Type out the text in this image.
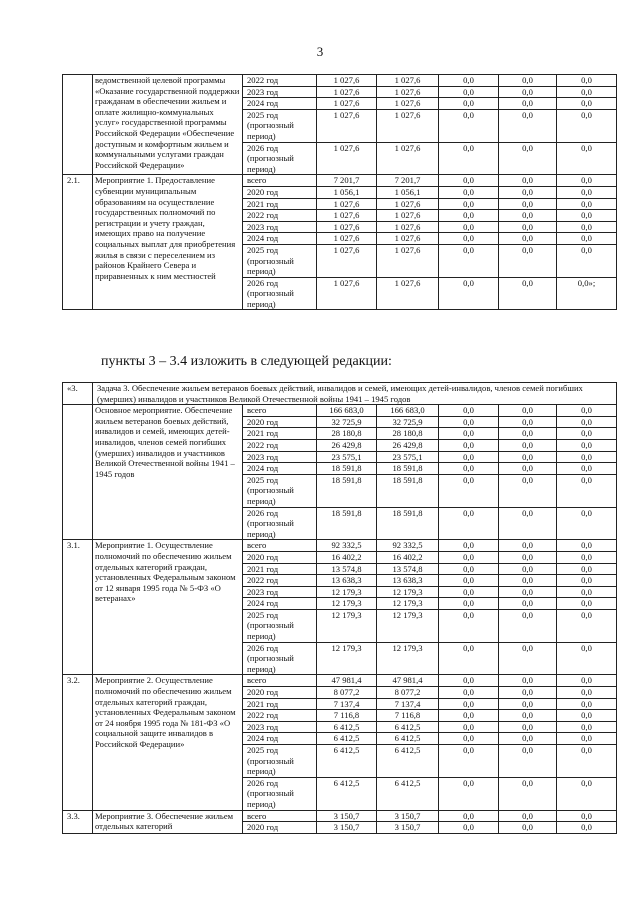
3
	ведомственной целевой программы «Оказание государственной поддержки гражданам в обеспечении жильем и оплате жилищно-коммунальных услуг» государственной программы Российской Федерации «Обеспечение доступным и комфортным жильем и коммунальными услугами граждан Российской Федерации»	2022 год	1 027,6	1 027,6	0,0	0,0	0,0
		2023 год	1 027,6	1 027,6	0,0	0,0	0,0
		2024 год	1 027,6	1 027,6	0,0	0,0	0,0
		2025 год (прогнозный период)	1 027,6	1 027,6	0,0	0,0	0,0
		2026 год (прогнозный период)	1 027,6	1 027,6	0,0	0,0	0,0
2.1.	Мероприятие 1. Предоставление субвенции муниципальным образованиям на осуществление государственных полномочий по регистрации и учету граждан, имеющих право на получение социальных выплат для приобретения жилья в связи с переселением из районов Крайнего Севера и приравненных к ним местностей	всего	7 201,7	7 201,7	0,0	0,0	0,0
		2020 год	1 056,1	1 056,1	0,0	0,0	0,0
		2021 год	1 027,6	1 027,6	0,0	0,0	0,0
		2022 год	1 027,6	1 027,6	0,0	0,0	0,0
		2023 год	1 027,6	1 027,6	0,0	0,0	0,0
		2024 год	1 027,6	1 027,6	0,0	0,0	0,0
		2025 год (прогнозный период)	1 027,6	1 027,6	0,0	0,0	0,0
		2026 год (прогнозный период)	1 027,6	1 027,6	0,0	0,0	0,0»;
пункты 3 – 3.4 изложить в следующей редакции:
«3.	Задача 3. Обеспечение жильем ветеранов боевых действий, инвалидов и семей, имеющих детей-инвалидов, членов семей погибших (умерших) инвалидов и участников Великой Отечественной войны 1941 – 1945 годов						
	Основное мероприятие. Обеспечение жильем ветеранов боевых действий, инвалидов и семей, имеющих детей-инвалидов, членов семей погибших (умерших) инвалидов и участников Великой Отечественной войны 1941 – 1945 годов	всего	166 683,0	166 683,0	0,0	0,0	0,0
		2020 год	32 725,9	32 725,9	0,0	0,0	0,0
		2021 год	28 180,8	28 180,8	0,0	0,0	0,0
		2022 год	26 429,8	26 429,8	0,0	0,0	0,0
		2023 год	23 575,1	23 575,1	0,0	0,0	0,0
		2024 год	18 591,8	18 591,8	0,0	0,0	0,0
		2025 год (прогнозный период)	18 591,8	18 591,8	0,0	0,0	0,0
		2026 год (прогнозный период)	18 591,8	18 591,8	0,0	0,0	0,0
3.1.	Мероприятие 1. Осуществление полномочий по обеспечению жильем отдельных категорий граждан, установленных Федеральным законом от 12 января 1995 года № 5-ФЗ «О ветеранах»	всего	92 332,5	92 332,5	0,0	0,0	0,0
		2020 год	16 402,2	16 402,2	0,0	0,0	0,0
		2021 год	13 574,8	13 574,8	0,0	0,0	0,0
		2022 год	13 638,3	13 638,3	0,0	0,0	0,0
		2023 год	12 179,3	12 179,3	0,0	0,0	0,0
		2024 год	12 179,3	12 179,3	0,0	0,0	0,0
		2025 год (прогнозный период)	12 179,3	12 179,3	0,0	0,0	0,0
		2026 год (прогнозный период)	12 179,3	12 179,3	0,0	0,0	0,0
3.2.	Мероприятие 2. Осуществление полномочий по обеспечению жильем отдельных категорий граждан, установленных Федеральным законом от 24 ноября 1995 года № 181-ФЗ «О социальной защите инвалидов в Российской Федерации»	всего	47 981,4	47 981,4	0,0	0,0	0,0
		2020 год	8 077,2	8 077,2	0,0	0,0	0,0
		2021 год	7 137,4	7 137,4	0,0	0,0	0,0
		2022 год	7 116,8	7 116,8	0,0	0,0	0,0
		2023 год	6 412,5	6 412,5	0,0	0,0	0,0
		2024 год	6 412,5	6 412,5	0,0	0,0	0,0
		2025 год (прогнозный период)	6 412,5	6 412,5	0,0	0,0	0,0
		2026 год (прогнозный период)	6 412,5	6 412,5	0,0	0,0	0,0
3.3.	Мероприятие 3. Обеспечение жильем отдельных категорий	всего	3 150,7	3 150,7	0,0	0,0	0,0
		2020 год	3 150,7	3 150,7	0,0	0,0	0,0
